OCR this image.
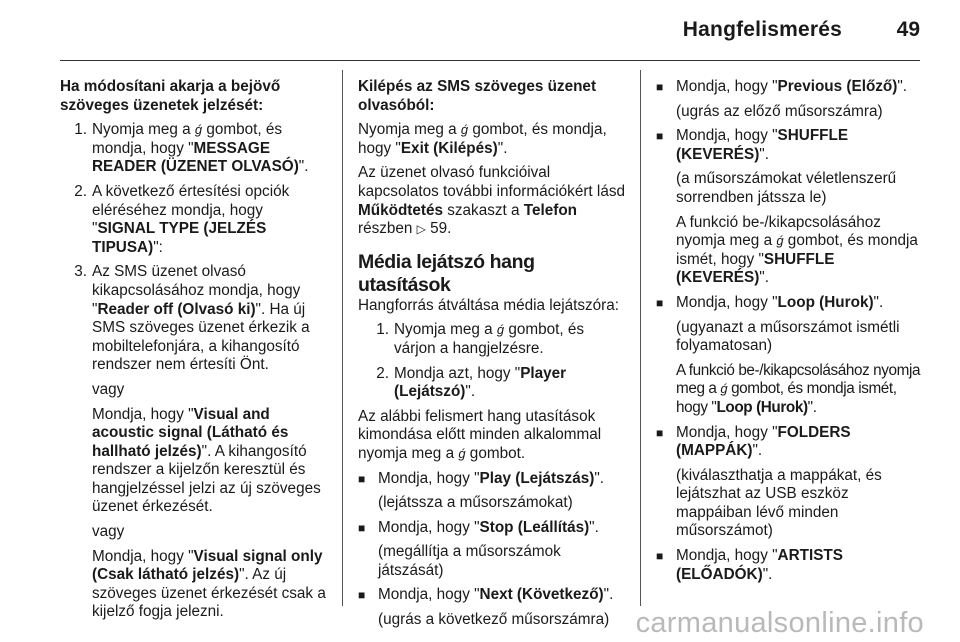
Hangfelismerés	49

Ha módosítani akarja a bejövő szöveges üzenetek jelzését:

1. Nyomja meg a ǵ gombot, és mondja, hogy "MESSAGE READER (ÜZENET OLVASÓ)".
2. A következő értesítési opciók eléréséhez mondja, hogy "SIGNAL TYPE (JELZÉS TIPUSA)":
3. Az SMS üzenet olvasó kikapcsolásához mondja, hogy "Reader off (Olvasó ki)". Ha új SMS szöveges üzenet érkezik a mobiltelefonjára, a kihangosító rendszer nem értesíti Önt.

vagy

Mondja, hogy "Visual and acoustic signal (Látható és hallható jelzés)". A kihangosító rendszer a kijelzőn keresztül és hangjelzéssel jelzi az új szöveges üzenet érkezését.

vagy

Mondja, hogy "Visual signal only (Csak látható jelzés)". Az új szöveges üzenet érkezését csak a kijelző fogja jelezni.

Kilépés az SMS szöveges üzenet olvasóból:

Nyomja meg a ǵ gombot, és mondja, hogy "Exit (Kilépés)".

Az üzenet olvasó funkcióival kapcsolatos további információkért lásd Működtetés szakaszt a Telefon részben ▷ 59.

Média lejátszó hang utasítások

Hangforrás átváltása média lejátszóra:

1. Nyomja meg a ǵ gombot, és várjon a hangjelzésre.
2. Mondja azt, hogy "Player (Lejátszó)".

Az alábbi felismert hang utasítások kimondása előtt minden alkalommal nyomja meg a ǵ gombot.

■ Mondja, hogy "Play (Lejátszás)".

(lejátssza a műsorszámokat)

■ Mondja, hogy "Stop (Leállítás)".

(megállítja a műsorszámok játszását)

■ Mondja, hogy "Next (Következő)".

(ugrás a következő műsorszámra)

■ Mondja, hogy "Previous (Előző)".

(ugrás az előző műsorszámra)

■ Mondja, hogy "SHUFFLE (KEVERÉS)".

(a műsorszámokat véletlenszerű sorrendben játssza le)

A funkció be-/kikapcsolásához nyomja meg a ǵ gombot, és mondja ismét, hogy "SHUFFLE (KEVERÉS)".

■ Mondja, hogy "Loop (Hurok)".

(ugyanazt a műsorszámot ismétli folyamatosan)

A funkció be-/kikapcsolásához nyomja meg a ǵ gombot, és mondja ismét, hogy "Loop (Hurok)".

■ Mondja, hogy "FOLDERS (MAPPÁK)".

(kiválaszthatja a mappákat, és lejátszhat az USB eszköz mappáiban lévő minden műsorszámot)

■ Mondja, hogy "ARTISTS (ELŐADÓK)".
carmanualsonline.info
